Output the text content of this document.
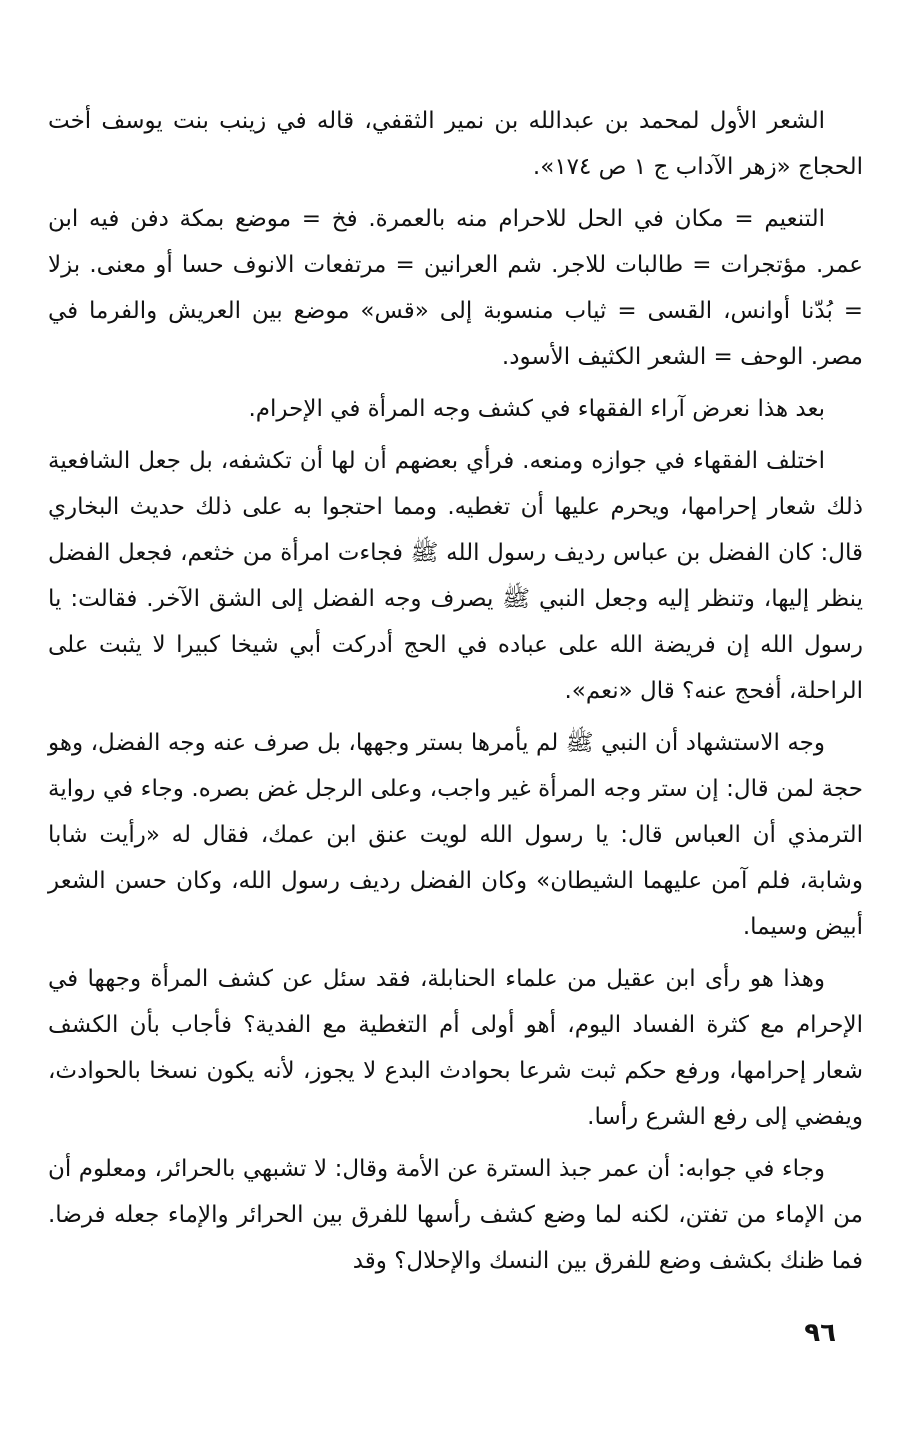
الشعر الأول لمحمد بن عبدالله بن نمير الثقفي، قاله في زينب بنت يوسف أخت الحجاج «زهر الآداب ج ١ ص ١٧٤».

التنعيم = مكان في الحل للاحرام منه بالعمرة. فخ = موضع بمكة دفن فيه ابن عمر. مؤتجرات = طالبات للاجر. شم العرانين = مرتفعات الانوف حسا أو معنى. بزلا = بُدّنا أوانس، القسى = ثياب منسوبة إلى «قس» موضع بين العريش والفرما في مصر. الوحف = الشعر الكثيف الأسود.

بعد هذا نعرض آراء الفقهاء في كشف وجه المرأة في الإحرام.

اختلف الفقهاء في جوازه ومنعه. فرأي بعضهم أن لها أن تكشفه، بل جعل الشافعية ذلك شعار إحرامها، ويحرم عليها أن تغطيه. ومما احتجوا به على ذلك حديث البخاري قال: كان الفضل بن عباس رديف رسول الله ﷺ فجاءت امرأة من خثعم، فجعل الفضل ينظر إليها، وتنظر إليه وجعل النبي ﷺ يصرف وجه الفضل إلى الشق الآخر. فقالت: يا رسول الله إن فريضة الله على عباده في الحج أدركت أبي شيخا كبيرا لا يثبت على الراحلة، أفحج عنه؟ قال «نعم».

وجه الاستشهاد أن النبي ﷺ لم يأمرها بستر وجهها، بل صرف عنه وجه الفضل، وهو حجة لمن قال: إن ستر وجه المرأة غير واجب، وعلى الرجل غض بصره. وجاء في رواية الترمذي أن العباس قال: يا رسول الله لويت عنق ابن عمك، فقال له «رأيت شابا وشابة، فلم آمن عليهما الشيطان» وكان الفضل رديف رسول الله، وكان حسن الشعر أبيض وسيما.

وهذا هو رأى ابن عقيل من علماء الحنابلة، فقد سئل عن كشف المرأة وجهها في الإحرام مع كثرة الفساد اليوم، أهو أولى أم التغطية مع الفدية؟ فأجاب بأن الكشف شعار إحرامها، ورفع حكم ثبت شرعا بحوادث البدع لا يجوز، لأنه يكون نسخا بالحوادث، ويفضي إلى رفع الشرع رأسا.

وجاء في جوابه: أن عمر جبذ السترة عن الأمة وقال: لا تشبهي بالحرائر، ومعلوم أن من الإماء من تفتن، لكنه لما وضع كشف رأسها للفرق بين الحرائر والإماء جعله فرضا. فما ظنك بكشف وضع للفرق بين النسك والإحلال؟ وقد

٩٦
